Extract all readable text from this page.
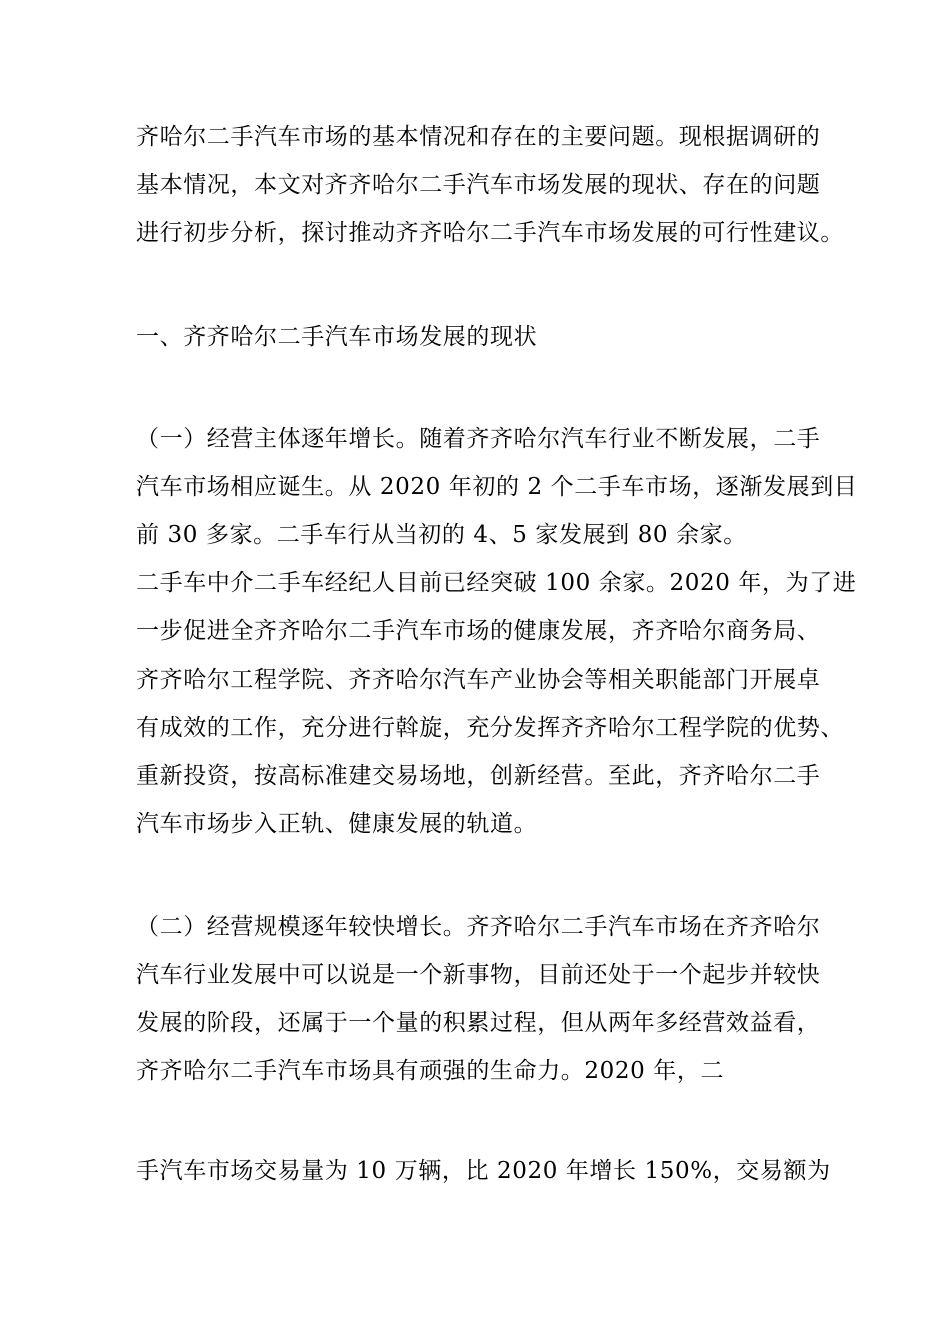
齐哈尔二手汽车市场的基本情况和存在的主要问题。现根据调研的
基本情况，本文对齐齐哈尔二手汽车市场发展的现状、存在的问题
进行初步分析，探讨推动齐齐哈尔二手汽车市场发展的可行性建议。
一、齐齐哈尔二手汽车市场发展的现状
（一）经营主体逐年增长。随着齐齐哈尔汽车行业不断发展，二手
汽车市场相应诞生。从 2020 年初的 2 个二手车市场，逐渐发展到目
前 30 多家。二手车行从当初的 4、5 家发展到 80 余家。
二手车中介二手车经纪人目前已经突破 100 余家。2020 年，为了进
一步促进全齐齐哈尔二手汽车市场的健康发展，齐齐哈尔商务局、
齐齐哈尔工程学院、齐齐哈尔汽车产业协会等相关职能部门开展卓
有成效的工作，充分进行斡旋，充分发挥齐齐哈尔工程学院的优势、
重新投资，按高标准建交易场地，创新经营。至此，齐齐哈尔二手
汽车市场步入正轨、健康发展的轨道。
（二）经营规模逐年较快增长。齐齐哈尔二手汽车市场在齐齐哈尔
汽车行业发展中可以说是一个新事物，目前还处于一个起步并较快
发展的阶段，还属于一个量的积累过程，但从两年多经营效益看，
齐齐哈尔二手汽车市场具有顽强的生命力。2020 年，二
手汽车市场交易量为 10 万辆，比 2020 年增长 150%，交易额为
